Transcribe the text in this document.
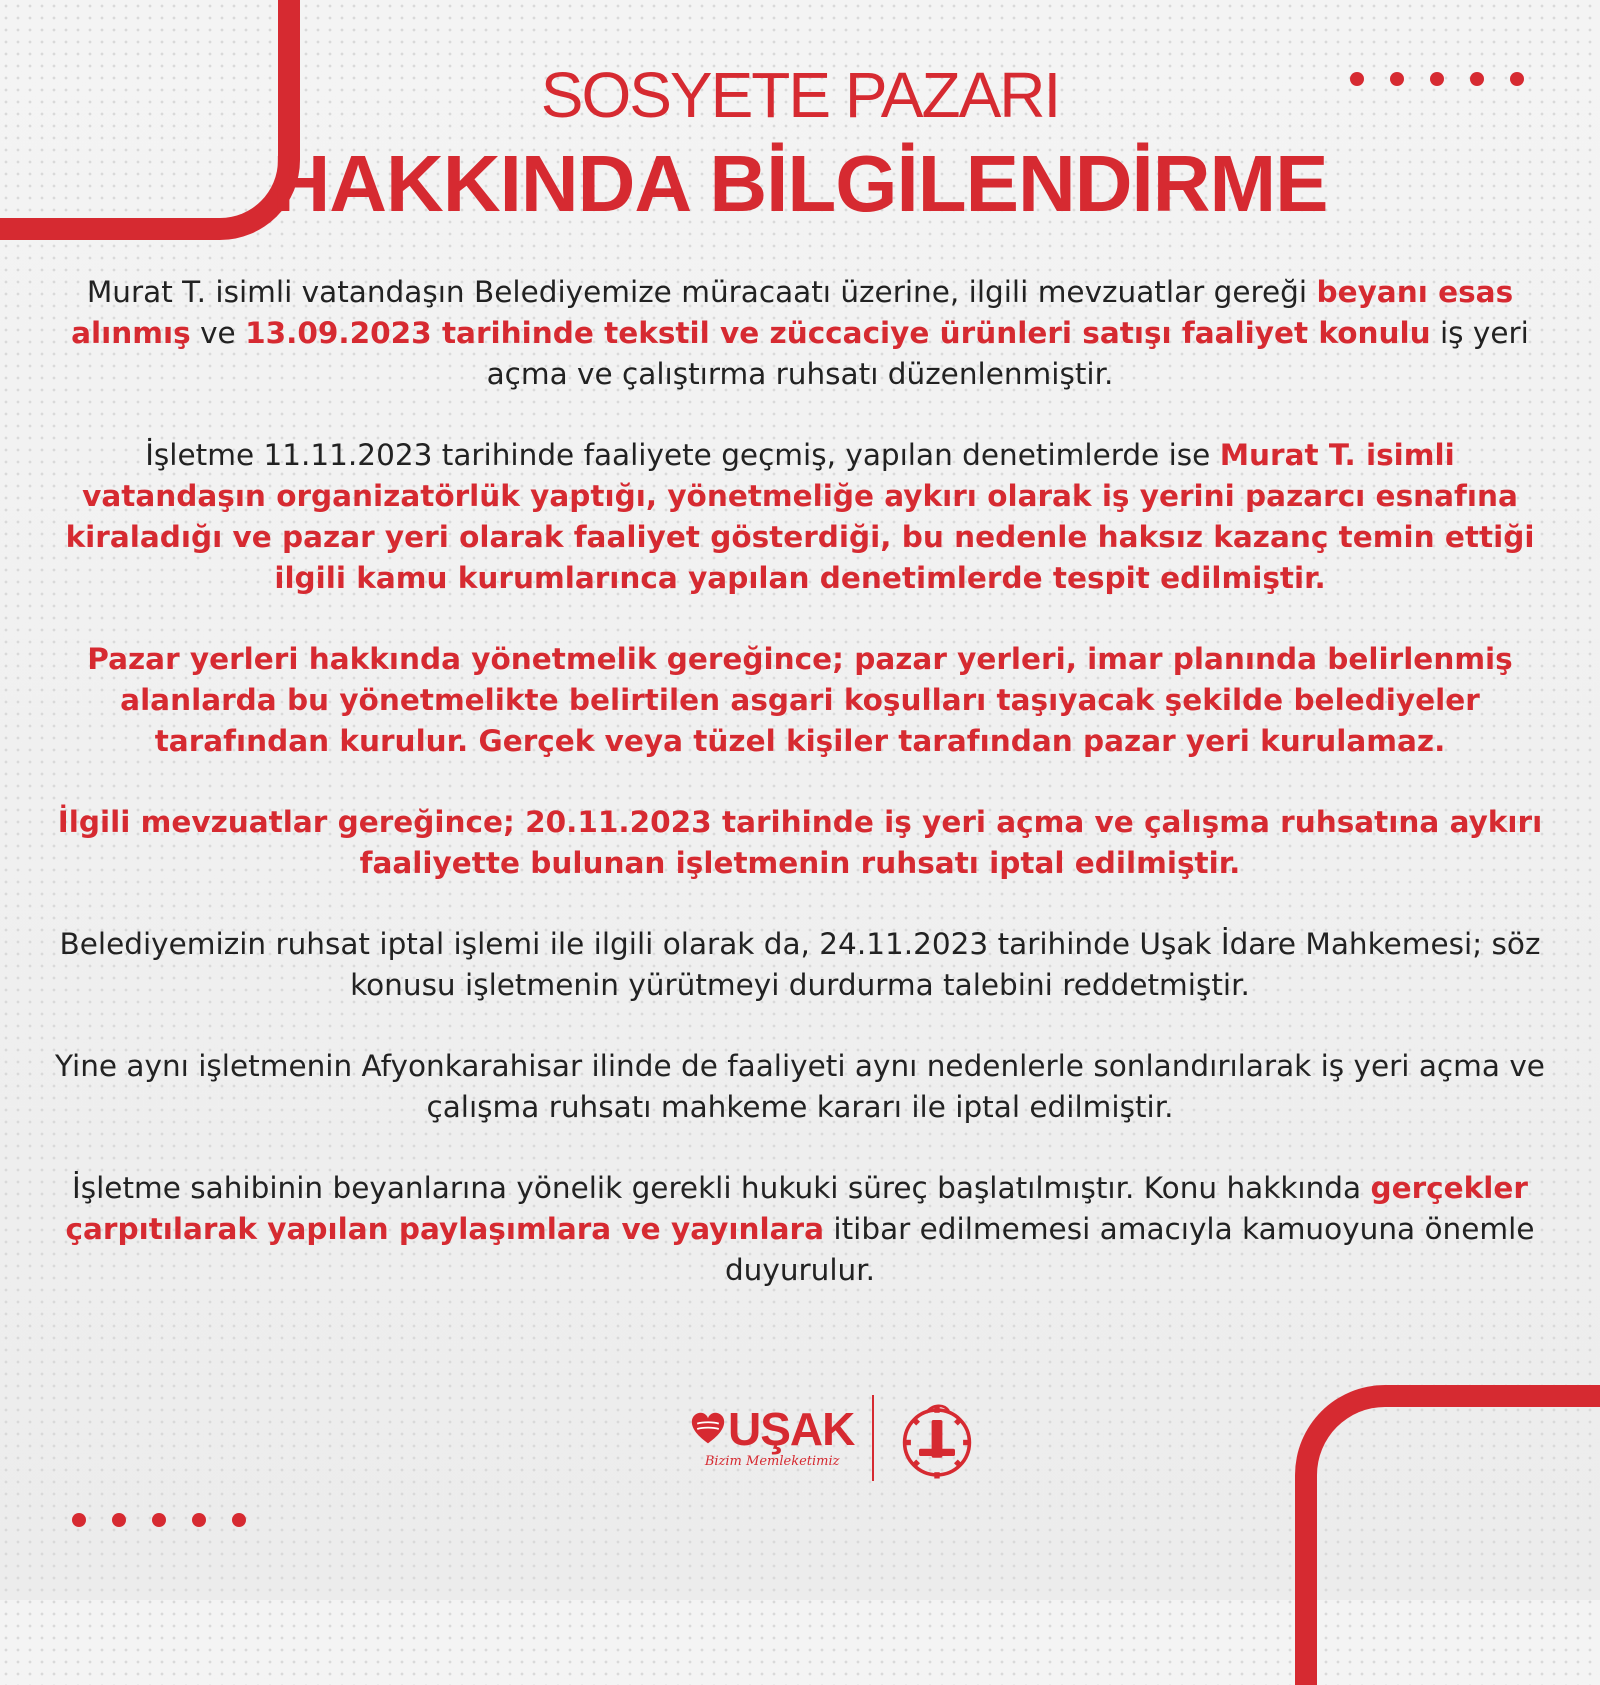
SOSYETE PAZARI
HAKKINDA BİLGİLENDİRME

Murat T. isimli vatandaşın Belediyemize müracaatı üzerine, ilgili mevzuatlar gereği beyanı esas alınmış ve 13.09.2023 tarihinde tekstil ve züccaciye ürünleri satışı faaliyet konulu iş yeri açma ve çalıştırma ruhsatı düzenlenmiştir.

İşletme 11.11.2023 tarihinde faaliyete geçmiş, yapılan denetimlerde ise Murat T. isimli vatandaşın organizatörlük yaptığı, yönetmeliğe aykırı olarak iş yerini pazarcı esnafına kiraladığı ve pazar yeri olarak faaliyet gösterdiği, bu nedenle haksız kazanç temin ettiği ilgili kamu kurumlarınca yapılan denetimlerde tespit edilmiştir.

Pazar yerleri hakkında yönetmelik gereğince; pazar yerleri, imar planında belirlenmiş alanlarda bu yönetmelikte belirtilen asgari koşulları taşıyacak şekilde belediyeler tarafından kurulur. Gerçek veya tüzel kişiler tarafından pazar yeri kurulamaz.

İlgili mevzuatlar gereğince; 20.11.2023 tarihinde iş yeri açma ve çalışma ruhsatına aykırı faaliyette bulunan işletmenin ruhsatı iptal edilmiştir.

Belediyemizin ruhsat iptal işlemi ile ilgili olarak da, 24.11.2023 tarihinde Uşak İdare Mahkemesi; söz konusu işletmenin yürütmeyi durdurma talebini reddetmiştir.

Yine aynı işletmenin Afyonkarahisar ilinde de faaliyeti aynı nedenlerle sonlandırılarak iş yeri açma ve çalışma ruhsatı mahkeme kararı ile iptal edilmiştir.

İşletme sahibinin beyanlarına yönelik gerekli hukuki süreç başlatılmıştır. Konu hakkında gerçekler çarpıtılarak yapılan paylaşımlara ve yayınlara itibar edilmemesi amacıyla kamuoyuna önemle duyurulur.

UŞAK
Bizim Memleketimiz
